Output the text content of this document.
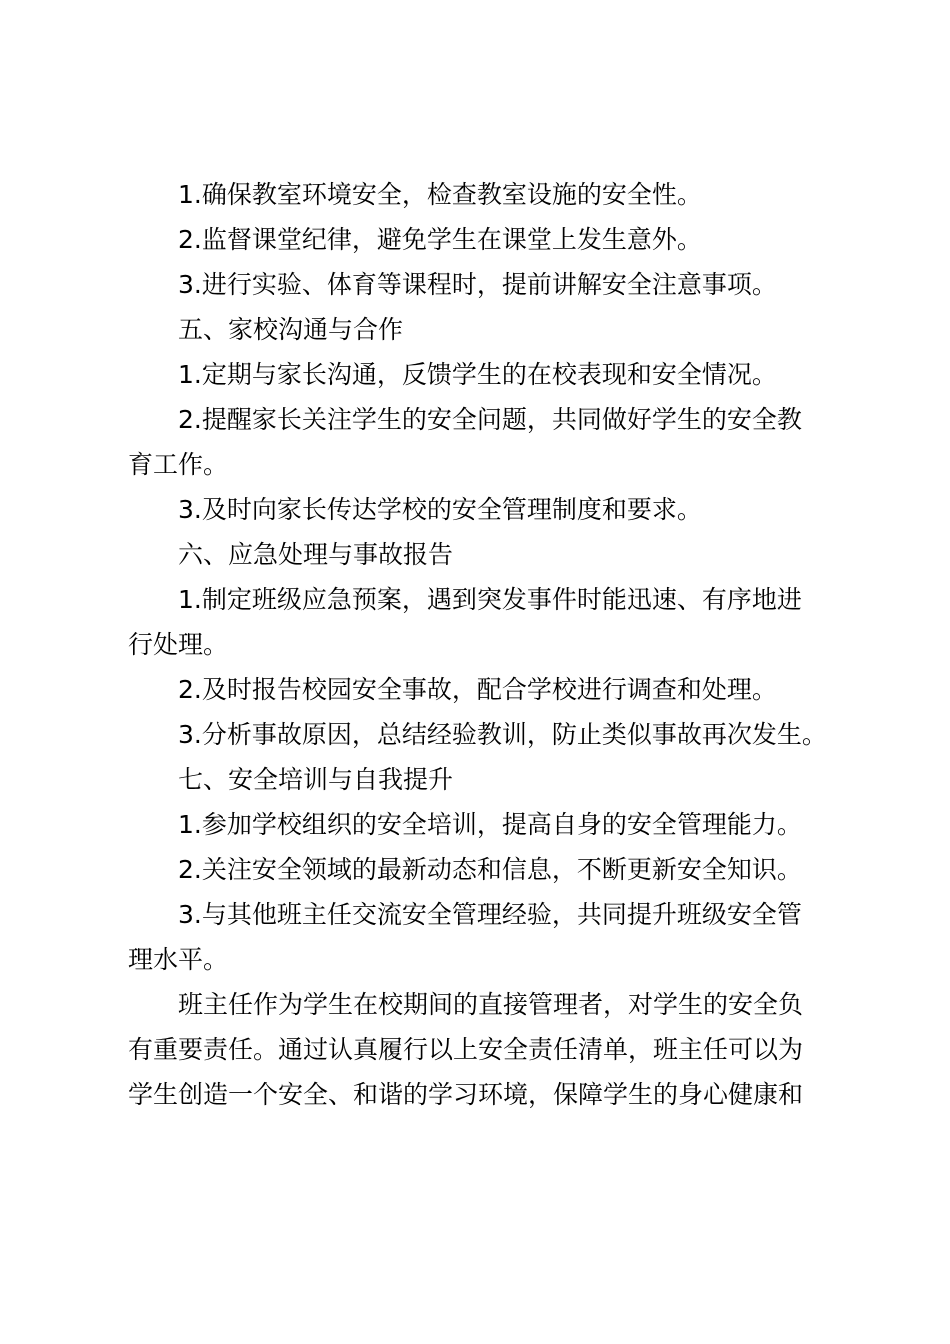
1.确保教室环境安全，检查教室设施的安全性。

2.监督课堂纪律，避免学生在课堂上发生意外。

3.进行实验、体育等课程时，提前讲解安全注意事项。

五、家校沟通与合作

1.定期与家长沟通，反馈学生的在校表现和安全情况。

2.提醒家长关注学生的安全问题，共同做好学生的安全教
育工作。

3.及时向家长传达学校的安全管理制度和要求。

六、应急处理与事故报告

1.制定班级应急预案，遇到突发事件时能迅速、有序地进
行处理。

2.及时报告校园安全事故，配合学校进行调查和处理。

3.分析事故原因，总结经验教训，防止类似事故再次发生。

七、安全培训与自我提升

1.参加学校组织的安全培训，提高自身的安全管理能力。

2.关注安全领域的最新动态和信息，不断更新安全知识。

3.与其他班主任交流安全管理经验，共同提升班级安全管
理水平。

班主任作为学生在校期间的直接管理者，对学生的安全负
有重要责任。通过认真履行以上安全责任清单，班主任可以为
学生创造一个安全、和谐的学习环境，保障学生的身心健康和
